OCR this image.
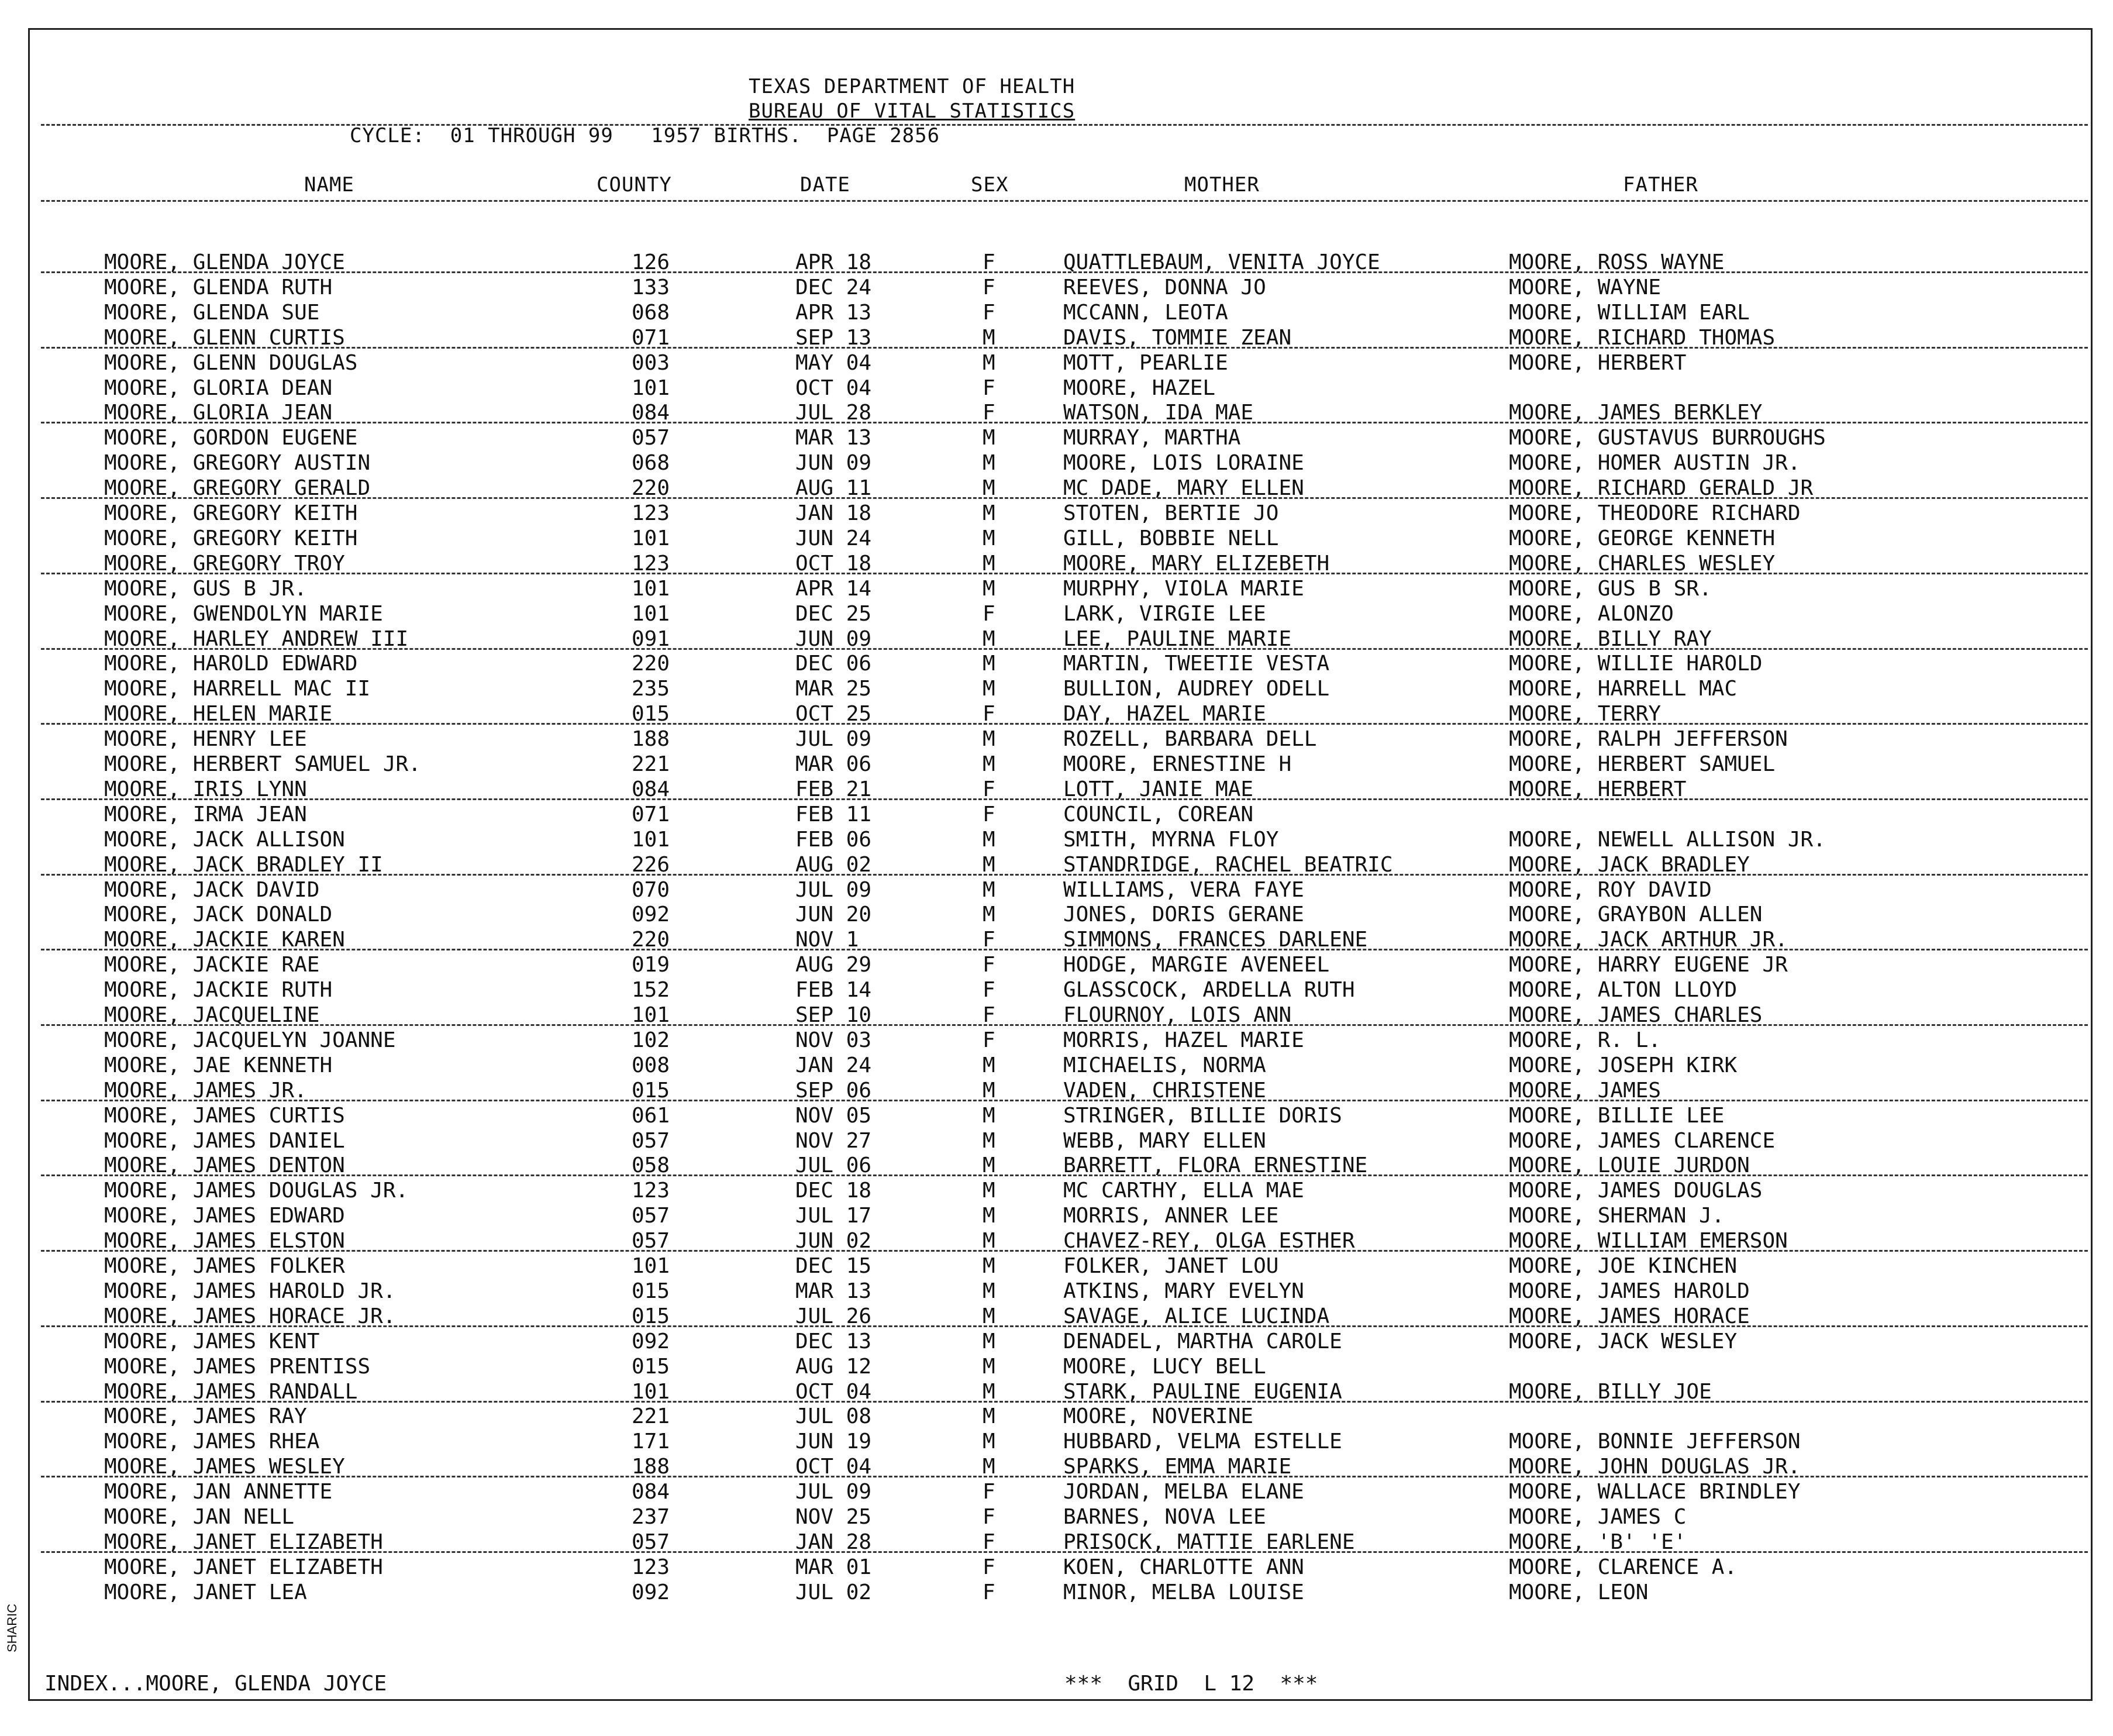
TEXAS DEPARTMENT OF HEALTH
BUREAU OF VITAL STATISTICS
CYCLE:  01 THROUGH 99   1957 BIRTHS.  PAGE 2856
NAME	COUNTY	DATE	SEX	MOTHER	FATHER
MOORE, GLENDA JOYCE	126	APR 18	F	QUATTLEBAUM, VENITA JOYCE	MOORE, ROSS WAYNE
MOORE, GLENDA RUTH	133	DEC 24	F	REEVES, DONNA JO	MOORE, WAYNE
MOORE, GLENDA SUE	068	APR 13	F	MCCANN, LEOTA	MOORE, WILLIAM EARL
MOORE, GLENN CURTIS	071	SEP 13	M	DAVIS, TOMMIE ZEAN	MOORE, RICHARD THOMAS
MOORE, GLENN DOUGLAS	003	MAY 04	M	MOTT, PEARLIE	MOORE, HERBERT
MOORE, GLORIA DEAN	101	OCT 04	F	MOORE, HAZEL
MOORE, GLORIA JEAN	084	JUL 28	F	WATSON, IDA MAE	MOORE, JAMES BERKLEY
MOORE, GORDON EUGENE	057	MAR 13	M	MURRAY, MARTHA	MOORE, GUSTAVUS BURROUGHS
MOORE, GREGORY AUSTIN	068	JUN 09	M	MOORE, LOIS LORAINE	MOORE, HOMER AUSTIN JR.
MOORE, GREGORY GERALD	220	AUG 11	M	MC DADE, MARY ELLEN	MOORE, RICHARD GERALD JR
MOORE, GREGORY KEITH	123	JAN 18	M	STOTEN, BERTIE JO	MOORE, THEODORE RICHARD
MOORE, GREGORY KEITH	101	JUN 24	M	GILL, BOBBIE NELL	MOORE, GEORGE KENNETH
MOORE, GREGORY TROY	123	OCT 18	M	MOORE, MARY ELIZEBETH	MOORE, CHARLES WESLEY
MOORE, GUS B JR.	101	APR 14	M	MURPHY, VIOLA MARIE	MOORE, GUS B SR.
MOORE, GWENDOLYN MARIE	101	DEC 25	F	LARK, VIRGIE LEE	MOORE, ALONZO
MOORE, HARLEY ANDREW III	091	JUN 09	M	LEE, PAULINE MARIE	MOORE, BILLY RAY
MOORE, HAROLD EDWARD	220	DEC 06	M	MARTIN, TWEETIE VESTA	MOORE, WILLIE HAROLD
MOORE, HARRELL MAC II	235	MAR 25	M	BULLION, AUDREY ODELL	MOORE, HARRELL MAC
MOORE, HELEN MARIE	015	OCT 25	F	DAY, HAZEL MARIE	MOORE, TERRY
MOORE, HENRY LEE	188	JUL 09	M	ROZELL, BARBARA DELL	MOORE, RALPH JEFFERSON
MOORE, HERBERT SAMUEL JR.	221	MAR 06	M	MOORE, ERNESTINE H	MOORE, HERBERT SAMUEL
MOORE, IRIS LYNN	084	FEB 21	F	LOTT, JANIE MAE	MOORE, HERBERT
MOORE, IRMA JEAN	071	FEB 11	F	COUNCIL, COREAN
MOORE, JACK ALLISON	101	FEB 06	M	SMITH, MYRNA FLOY	MOORE, NEWELL ALLISON JR.
MOORE, JACK BRADLEY II	226	AUG 02	M	STANDRIDGE, RACHEL BEATRIC	MOORE, JACK BRADLEY
MOORE, JACK DAVID	070	JUL 09	M	WILLIAMS, VERA FAYE	MOORE, ROY DAVID
MOORE, JACK DONALD	092	JUN 20	M	JONES, DORIS GERANE	MOORE, GRAYBON ALLEN
MOORE, JACKIE KAREN	220	NOV 1	F	SIMMONS, FRANCES DARLENE	MOORE, JACK ARTHUR JR.
MOORE, JACKIE RAE	019	AUG 29	F	HODGE, MARGIE AVENEEL	MOORE, HARRY EUGENE JR
MOORE, JACKIE RUTH	152	FEB 14	F	GLASSCOCK, ARDELLA RUTH	MOORE, ALTON LLOYD
MOORE, JACQUELINE	101	SEP 10	F	FLOURNOY, LOIS ANN	MOORE, JAMES CHARLES
MOORE, JACQUELYN JOANNE	102	NOV 03	F	MORRIS, HAZEL MARIE	MOORE, R. L.
MOORE, JAE KENNETH	008	JAN 24	M	MICHAELIS, NORMA	MOORE, JOSEPH KIRK
MOORE, JAMES JR.	015	SEP 06	M	VADEN, CHRISTENE	MOORE, JAMES
MOORE, JAMES CURTIS	061	NOV 05	M	STRINGER, BILLIE DORIS	MOORE, BILLIE LEE
MOORE, JAMES DANIEL	057	NOV 27	M	WEBB, MARY ELLEN	MOORE, JAMES CLARENCE
MOORE, JAMES DENTON	058	JUL 06	M	BARRETT, FLORA ERNESTINE	MOORE, LOUIE JURDON
MOORE, JAMES DOUGLAS JR.	123	DEC 18	M	MC CARTHY, ELLA MAE	MOORE, JAMES DOUGLAS
MOORE, JAMES EDWARD	057	JUL 17	M	MORRIS, ANNER LEE	MOORE, SHERMAN J.
MOORE, JAMES ELSTON	057	JUN 02	M	CHAVEZ-REY, OLGA ESTHER	MOORE, WILLIAM EMERSON
MOORE, JAMES FOLKER	101	DEC 15	M	FOLKER, JANET LOU	MOORE, JOE KINCHEN
MOORE, JAMES HAROLD JR.	015	MAR 13	M	ATKINS, MARY EVELYN	MOORE, JAMES HAROLD
MOORE, JAMES HORACE JR.	015	JUL 26	M	SAVAGE, ALICE LUCINDA	MOORE, JAMES HORACE
MOORE, JAMES KENT	092	DEC 13	M	DENADEL, MARTHA CAROLE	MOORE, JACK WESLEY
MOORE, JAMES PRENTISS	015	AUG 12	M	MOORE, LUCY BELL
MOORE, JAMES RANDALL	101	OCT 04	M	STARK, PAULINE EUGENIA	MOORE, BILLY JOE
MOORE, JAMES RAY	221	JUL 08	M	MOORE, NOVERINE
MOORE, JAMES RHEA	171	JUN 19	M	HUBBARD, VELMA ESTELLE	MOORE, BONNIE JEFFERSON
MOORE, JAMES WESLEY	188	OCT 04	M	SPARKS, EMMA MARIE	MOORE, JOHN DOUGLAS JR.
MOORE, JAN ANNETTE	084	JUL 09	F	JORDAN, MELBA ELANE	MOORE, WALLACE BRINDLEY
MOORE, JAN NELL	237	NOV 25	F	BARNES, NOVA LEE	MOORE, JAMES C
MOORE, JANET ELIZABETH	057	JAN 28	F	PRISOCK, MATTIE EARLENE	MOORE, 'B' 'E'
MOORE, JANET ELIZABETH	123	MAR 01	F	KOEN, CHARLOTTE ANN	MOORE, CLARENCE A.
MOORE, JANET LEA	092	JUL 02	F	MINOR, MELBA LOUISE	MOORE, LEON
INDEX...MOORE, GLENDA JOYCE	***  GRID  L 12  ***
SHARIC
